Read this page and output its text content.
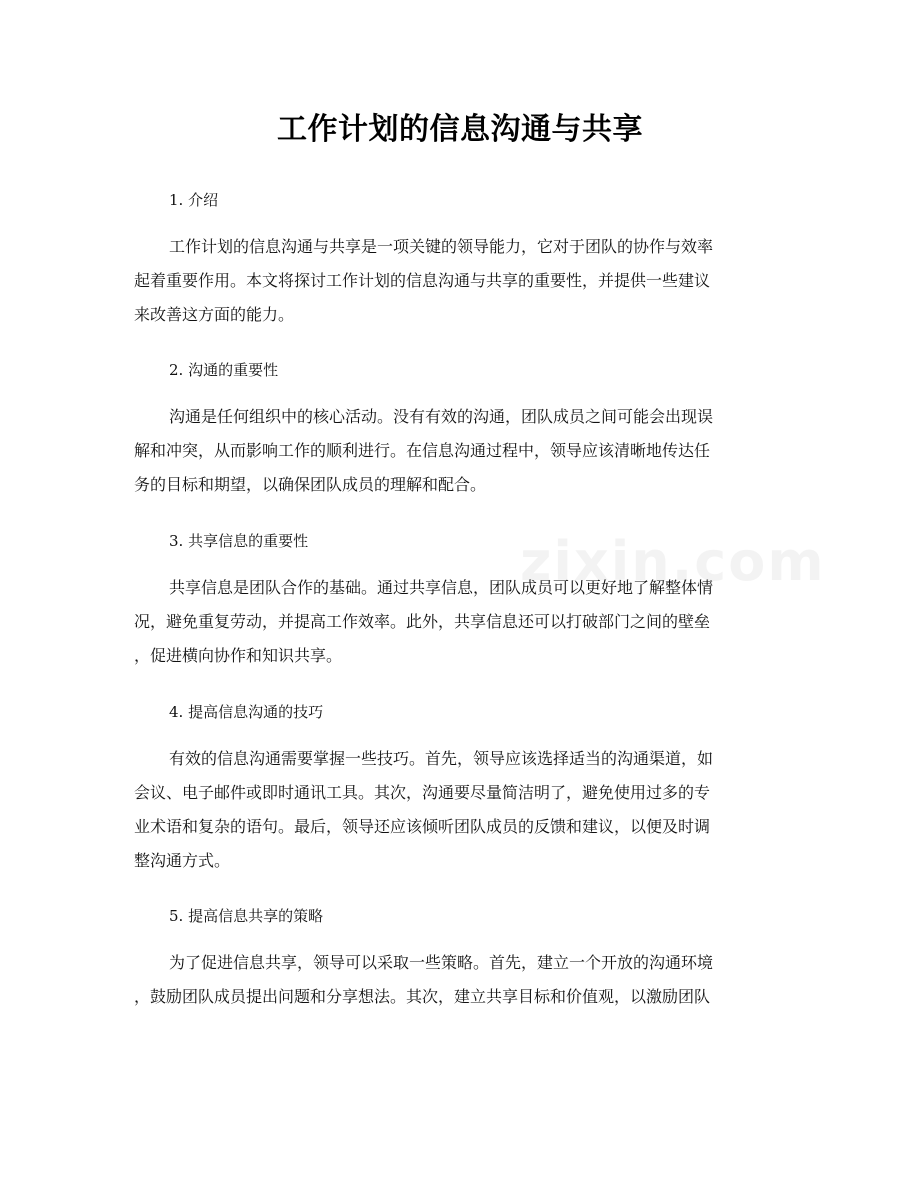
工作计划的信息沟通与共享
1. 介绍
工作计划的信息沟通与共享是一项关键的领导能力，它对于团队的协作与效率
起着重要作用。本文将探讨工作计划的信息沟通与共享的重要性，并提供一些建议
来改善这方面的能力。
2. 沟通的重要性
沟通是任何组织中的核心活动。没有有效的沟通，团队成员之间可能会出现误
解和冲突，从而影响工作的顺利进行。在信息沟通过程中，领导应该清晰地传达任
务的目标和期望，以确保团队成员的理解和配合。
3. 共享信息的重要性
共享信息是团队合作的基础。通过共享信息，团队成员可以更好地了解整体情
况，避免重复劳动，并提高工作效率。此外，共享信息还可以打破部门之间的壁垒
，促进横向协作和知识共享。
4. 提高信息沟通的技巧
有效的信息沟通需要掌握一些技巧。首先，领导应该选择适当的沟通渠道，如
会议、电子邮件或即时通讯工具。其次，沟通要尽量简洁明了，避免使用过多的专
业术语和复杂的语句。最后，领导还应该倾听团队成员的反馈和建议，以便及时调
整沟通方式。
5. 提高信息共享的策略
为了促进信息共享，领导可以采取一些策略。首先，建立一个开放的沟通环境
，鼓励团队成员提出问题和分享想法。其次，建立共享目标和价值观，以激励团队
